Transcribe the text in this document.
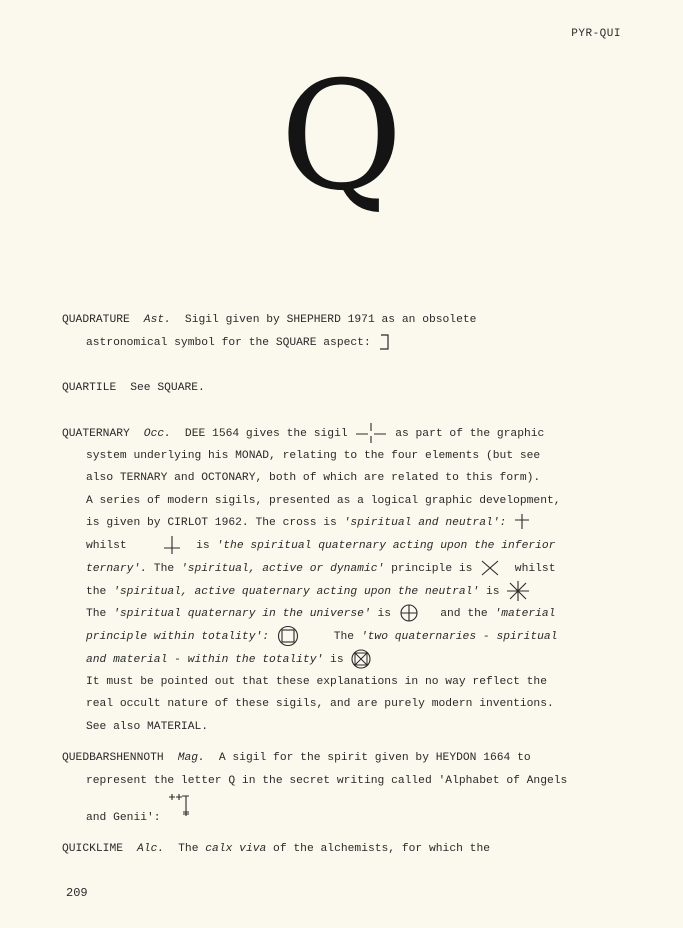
PYR-QUI
Q
QUADRATURE Ast. Sigil given by SHEPHERD 1971 as an obsolete
astronomical symbol for the SQUARE aspect:
QUARTILE See SQUARE.
QUATERNARY Occ. DEE 1564 gives the sigil	as part of the graphic
system underlying his MONAD, relating to the four elements (but see
also TERNARY and OCTONARY, both of which are related to this form).
A series of modern sigils, presented as a logical graphic development,
is given by CIRLOT 1962. The cross is 'spiritual and neutral':
whilst	is 'the spiritual quaternary acting upon the inferior
ternary'. The 'spiritual, active or dynamic' principle is	whilst
the 'spiritual, active quaternary acting upon the neutral' is
The 'spiritual quaternary in the universe' is	and the 'material
principle within totality':	The 'two quaternaries - spiritual
and material - within the totality' is
It must be pointed out that these explanations in no way reflect the
real occult nature of these sigils, and are purely modern inventions.
See also MATERIAL.
QUEDBARSHENNOTH Mag. A sigil for the spirit given by HEYDON 1664 to
represent the letter Q in the secret writing called 'Alphabet of Angels
and Genii':
QUICKLIME Alc. The calx viva of the alchemists, for which the
209
